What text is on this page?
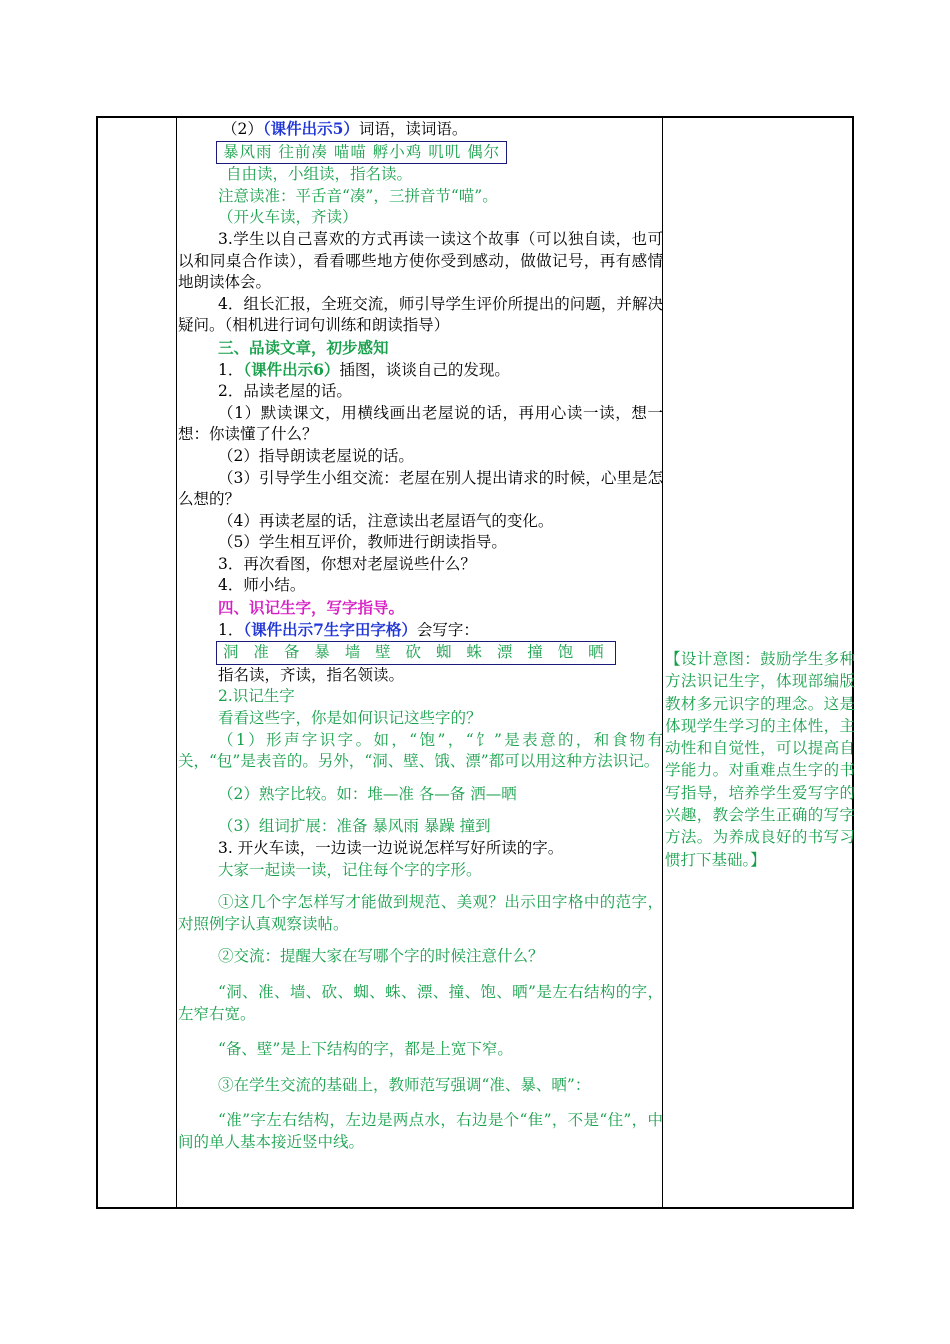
（2）（课件出示5）词语，读词语。
暴风雨 往前凑 喵喵 孵小鸡 叽叽 偶尔
自由读，小组读，指名读。
注意读准：平舌音“凑”，三拼音节“喵”。
（开火车读，齐读）
3.学生以自己喜欢的方式再读一读这个故事（可以独自读，也可以和同桌合作读），看看哪些地方使你受到感动，做做记号，再有感情地朗读体会。
4．组长汇报，全班交流，师引导学生评价所提出的问题，并解决疑问。（相机进行词句训练和朗读指导）
三、品读文章，初步感知
1．（课件出示6）插图，谈谈自己的发现。
2．品读老屋的话。
（1）默读课文，用横线画出老屋说的话，再用心读一读，想一想：你读懂了什么？
（2）指导朗读老屋说的话。
（3）引导学生小组交流：老屋在别人提出请求的时候，心里是怎么想的？
（4）再读老屋的话，注意读出老屋语气的变化。
（5）学生相互评价，教师进行朗读指导。
3．再次看图，你想对老屋说些什么？
4．师小结。
四、识记生字，写字指导。
1．（课件出示7生字田字格）会写字：
洞 准 备 暴 墙 壁 砍 蜘 蛛 漂 撞 饱 晒
指名读，齐读，指名领读。
2.识记生字
看看这些字，你是如何识记这些字的？
（1）形声字识字。如，“饱”，“饣”是表意的，和食物有关，“包”是表音的。另外，“洞、壁、饿、漂”都可以用这种方法识记。
（2）熟字比较。如：堆—准 各—备 洒—晒
（3）组词扩展：准备 暴风雨 暴躁 撞到
3. 开火车读，一边读一边说说怎样写好所读的字。
大家一起读一读，记住每个字的字形。
①这几个字怎样写才能做到规范、美观？出示田字格中的范字，对照例字认真观察读帖。
②交流：提醒大家在写哪个字的时候注意什么？
“洞、准、墙、砍、蜘、蛛、漂、撞、饱、晒”是左右结构的字，左窄右宽。
“备、壁”是上下结构的字，都是上宽下窄。
③在学生交流的基础上，教师范写强调“准、暴、晒”：
“准”字左右结构，左边是两点水，右边是个“隹”，不是“住”，中间的单人基本接近竖中线。
【设计意图：鼓励学生多种方法识记生字，体现部编版教材多元识字的理念。这是体现学生学习的主体性，主动性和自觉性，可以提高自学能力。对重难点生字的书写指导，培养学生爱写字的兴趣，教会学生正确的写字方法。为养成良好的书写习惯打下基础。】
